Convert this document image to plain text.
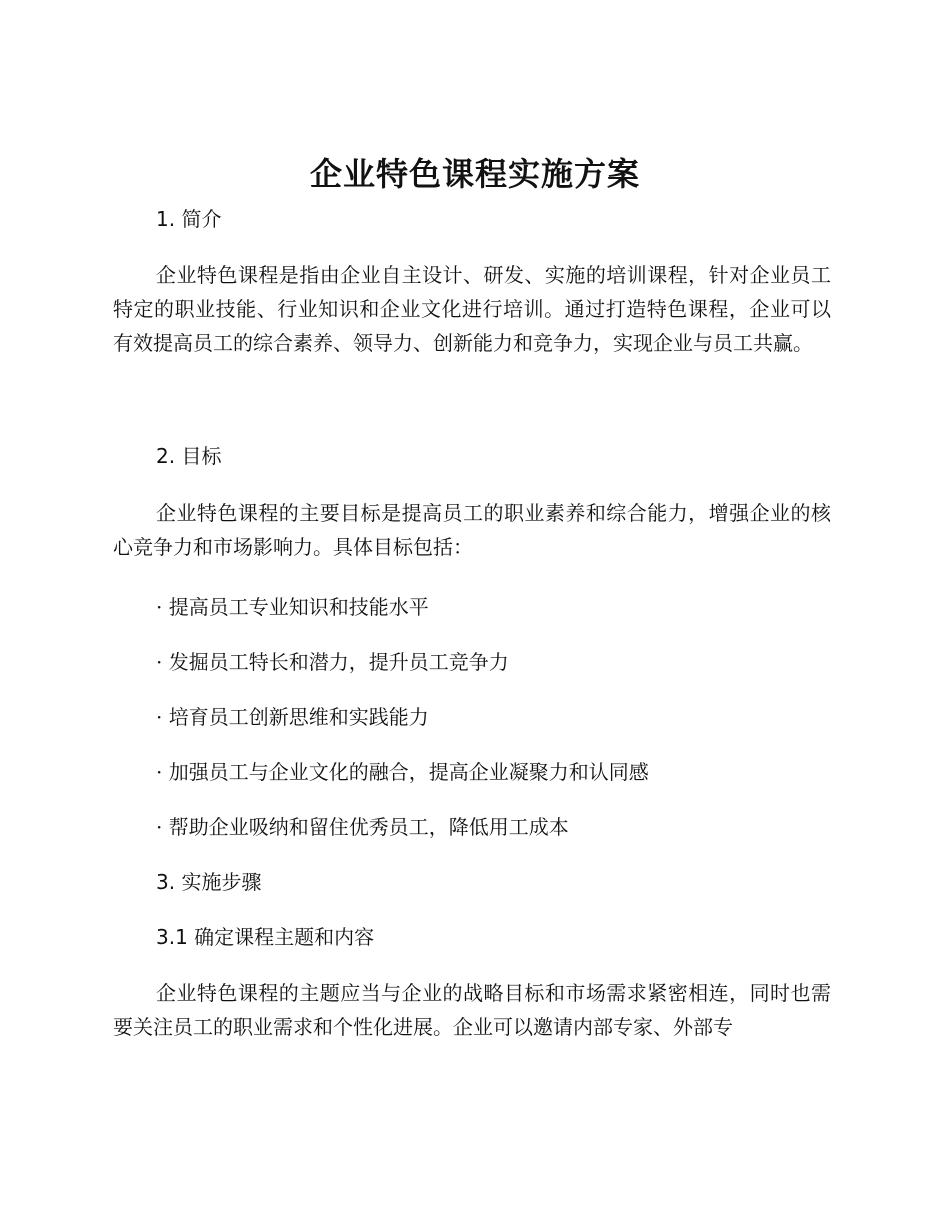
企业特色课程实施方案
1. 简介
企业特色课程是指由企业自主设计、研发、实施的培训课程，针对企业员工特定的职业技能、行业知识和企业文化进行培训。通过打造特色课程，企业可以有效提高员工的综合素养、领导力、创新能力和竞争力，实现企业与员工共赢。
2. 目标
企业特色课程的主要目标是提高员工的职业素养和综合能力，增强企业的核心竞争力和市场影响力。具体目标包括：
· 提高员工专业知识和技能水平
· 发掘员工特长和潜力，提升员工竞争力
· 培育员工创新思维和实践能力
· 加强员工与企业文化的融合，提高企业凝聚力和认同感
· 帮助企业吸纳和留住优秀员工，降低用工成本
3. 实施步骤
3.1 确定课程主题和内容
企业特色课程的主题应当与企业的战略目标和市场需求紧密相连，同时也需要关注员工的职业需求和个性化进展。企业可以邀请内部专家、外部专
